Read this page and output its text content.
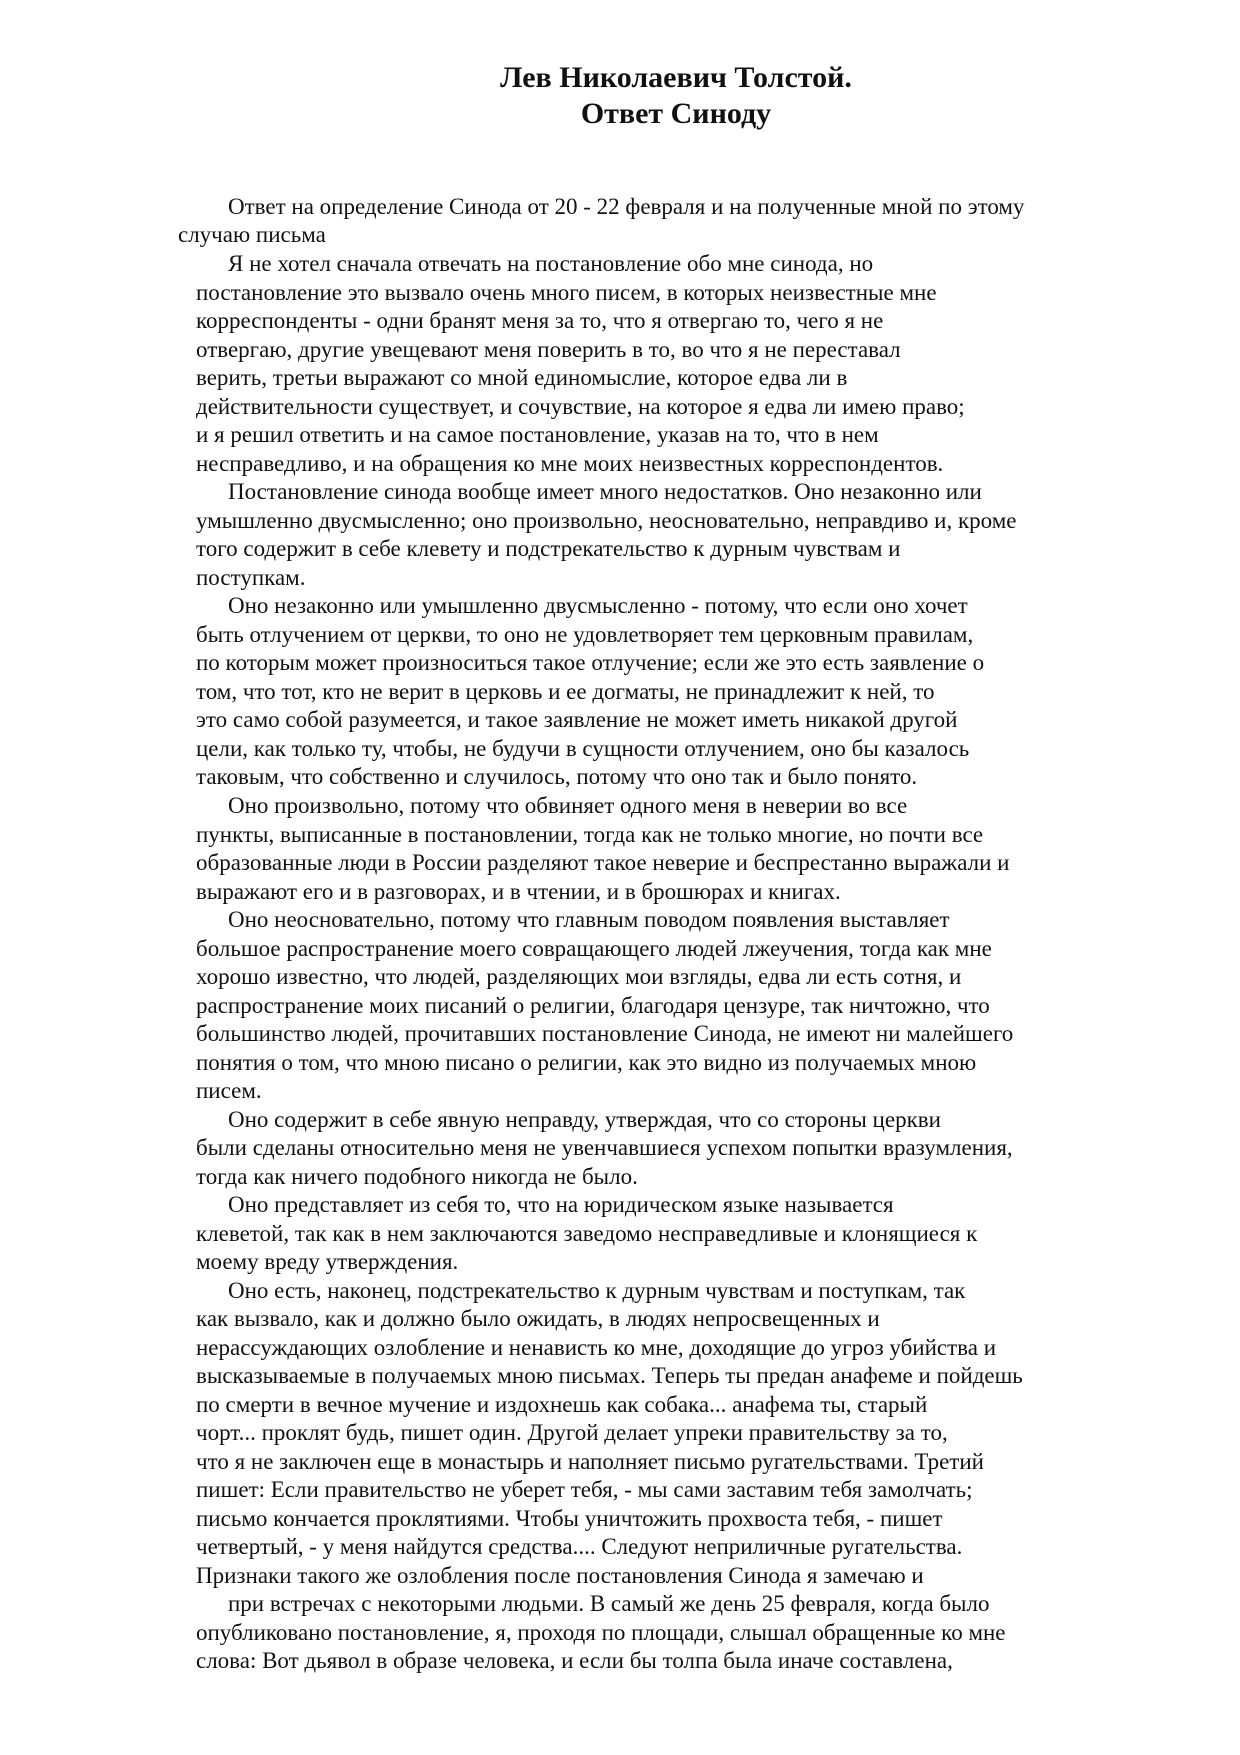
Лев Николаевич Толстой.
Ответ Синоду

Ответ на определение Синода от 20 - 22 февраля и на полученные мной по этому

случаю письма

Я не хотел сначала отвечать на постановление обо мне синода, но

постановление это вызвало очень много писем, в которых неизвестные мне

корреспонденты - одни бранят меня за то, что я отвергаю то, чего я не

отвергаю, другие увещевают меня поверить в то, во что я не переставал

верить, третьи выражают со мной единомыслие, которое едва ли в

действительности существует, и сочувствие, на которое я едва ли имею право;

и я решил ответить и на самое постановление, указав на то, что в нем

несправедливо, и на обращения ко мне моих неизвестных корреспондентов.

Постановление синода вообще имеет много недостатков. Оно незаконно или

умышленно двусмысленно; оно произвольно, неосновательно, неправдиво и, кроме

того содержит в себе клевету и подстрекательство к дурным чувствам и

поступкам.

Оно незаконно или умышленно двусмысленно - потому, что если оно хочет

быть отлучением от церкви, то оно не удовлетворяет тем церковным правилам,

по которым может произноситься такое отлучение; если же это есть заявление о

том, что тот, кто не верит в церковь и ее догматы, не принадлежит к ней, то

это само собой разумеется, и такое заявление не может иметь никакой другой

цели, как только ту, чтобы, не будучи в сущности отлучением, оно бы казалось

таковым, что собственно и случилось, потому что оно так и было понято.

Оно произвольно, потому что обвиняет одного меня в неверии во все

пункты, выписанные в постановлении, тогда как не только многие, но почти все

образованные люди в России разделяют такое неверие и беспрестанно выражали и

выражают его и в разговорах, и в чтении, и в брошюрах и книгах.

Оно неосновательно, потому что главным поводом появления выставляет

большое распространение моего совращающего людей лжеучения, тогда как мне

хорошо известно, что людей, разделяющих мои взгляды, едва ли есть сотня, и

распространение моих писаний о религии, благодаря цензуре, так ничтожно, что

большинство людей, прочитавших постановление Синода, не имеют ни малейшего

понятия о том, что мною писано о религии, как это видно из получаемых мною

писем.

Оно содержит в себе явную неправду, утверждая, что со стороны церкви

были сделаны относительно меня не увенчавшиеся успехом попытки вразумления,

тогда как ничего подобного никогда не было.

Оно представляет из себя то, что на юридическом языке называется

клеветой, так как в нем заключаются заведомо несправедливые и клонящиеся к

моему вреду утверждения.

Оно есть, наконец, подстрекательство к дурным чувствам и поступкам, так

как вызвало, как и должно было ожидать, в людях непросвещенных и

нерассуждающих озлобление и ненависть ко мне, доходящие до угроз убийства и

высказываемые в получаемых мною письмах. Теперь ты предан анафеме и пойдешь

по смерти в вечное мучение и издохнешь как собака... анафема ты, старый

чорт... проклят будь, пишет один. Другой делает упреки правительству за то,

что я не заключен еще в монастырь и наполняет письмо ругательствами. Третий

пишет: Если правительство не уберет тебя, - мы сами заставим тебя замолчать;

письмо кончается проклятиями. Чтобы уничтожить прохвоста тебя, - пишет

четвертый, - у меня найдутся средства.... Следуют неприличные ругательства.

Признаки такого же озлобления после постановления Синода я замечаю и

при встречах с некоторыми людьми. В самый же день 25 февраля, когда было

опубликовано постановление, я, проходя по площади, слышал обращенные ко мне

слова: Вот дьявол в образе человека, и если бы толпа была иначе составлена,
